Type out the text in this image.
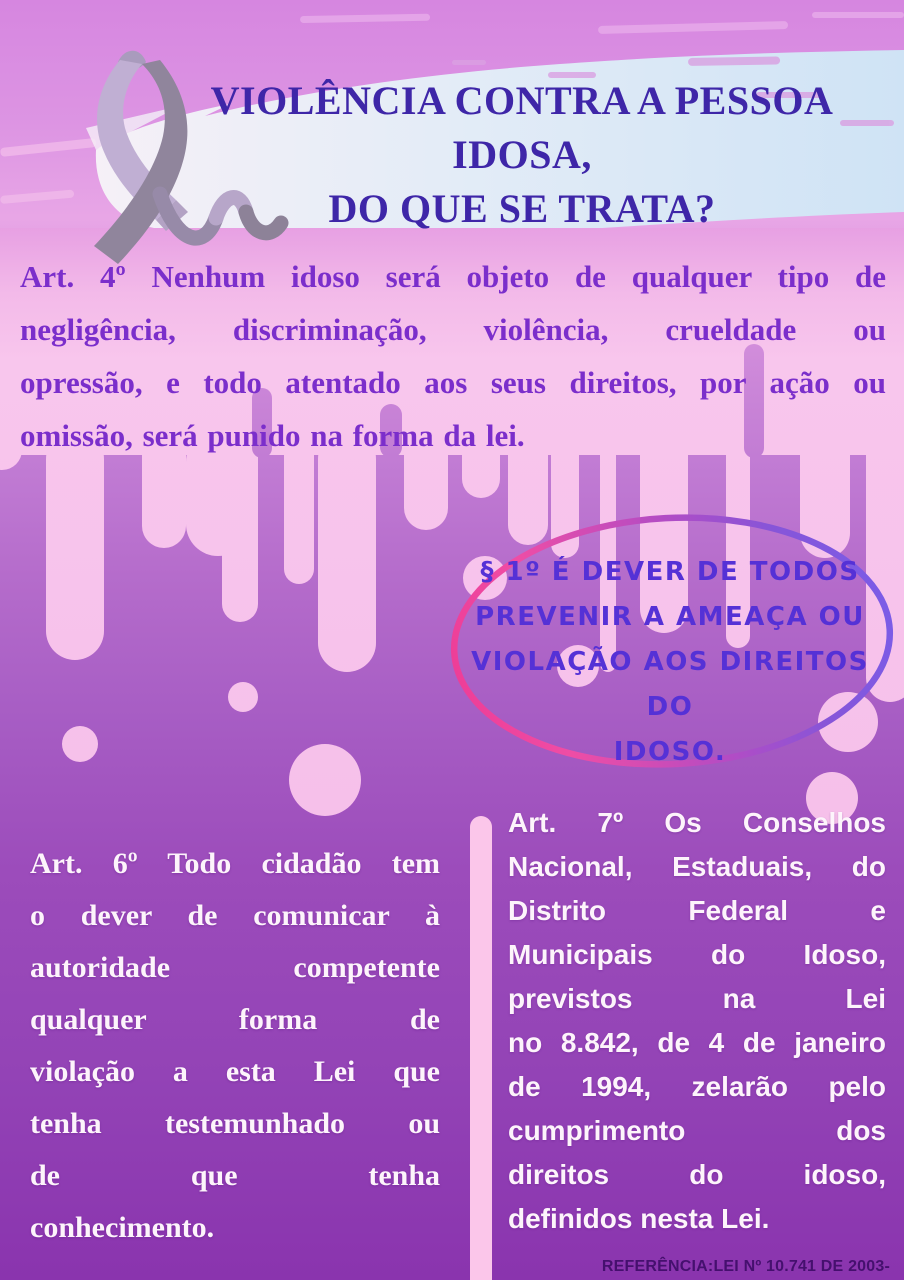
VIOLÊNCIA CONTRA A PESSOA IDOSA,
DO QUE SE TRATA?
Art. 4º Nenhum idoso será objeto de qualquer tipo de
negligência, discriminação, violência, crueldade ou
opressão, e todo atentado aos seus direitos, por ação ou
omissão, será punido na forma da lei.
§ 1º É DEVER DE TODOS
PREVENIR A AMEAÇA OU
VIOLAÇÃO AOS DIREITOS DO
IDOSO.
Art. 6º Todo cidadão tem
o dever de comunicar à
autoridade competente
qualquer forma de
violação a esta Lei que
tenha testemunhado ou
de que tenha
conhecimento.
Art. 7º Os Conselhos
Nacional, Estaduais, do
Distrito Federal e
Municipais do Idoso,
previstos na Lei
no 8.842, de 4 de janeiro
de 1994, zelarão pelo
cumprimento dos
direitos do idoso,
definidos nesta Lei.
REFERÊNCIA:LEI Nº 10.741 DE 2003-
